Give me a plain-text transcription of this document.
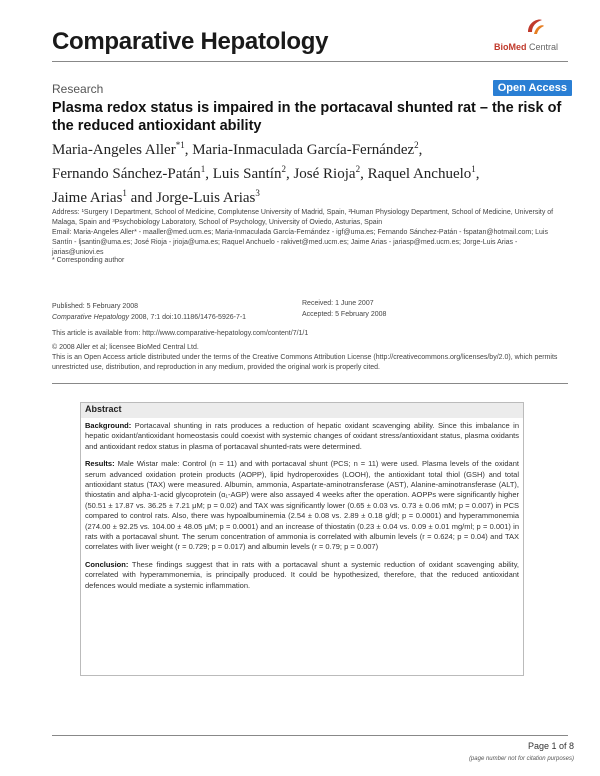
Comparative Hepatology	BioMed Central
Research	Open Access
Plasma redox status is impaired in the portacaval shunted rat – the risk of the reduced antioxidant ability
Maria-Angeles Aller$^{*1}$, Maria-Inmaculada García-Fernández$^2$,
Fernando Sánchez-Patán$^1$, Luis Santín$^2$, José Rioja$^2$, Raquel Anchuelo$^1$,
Jaime Arias$^1$ and Jorge-Luis Arias$^3$
Address: ¹Surgery I Department, School of Medicine, Complutense University of Madrid, Spain, ²Human Physiology Department, School of Medicine, University of Malaga, Spain and ³Psychobiology Laboratory, School of Psychology, University of Oviedo, Asturias, Spain
Email: Maria-Angeles Aller* - maaller@med.ucm.es; Maria-Inmaculada García-Fernández - igf@uma.es; Fernando Sánchez-Patán - fspatan@hotmail.com; Luis Santín - ljsantin@uma.es; José Rioja - jrioja@uma.es; Raquel Anchuelo - rakivet@med.ucm.es; Jaime Arias - jariasp@med.ucm.es; Jorge-Luis Arias - jarias@uniovi.es
* Corresponding author
Published: 5 February 2008
Comparative Hepatology 2008, 7:1 doi:10.1186/1476-5926-7-1
Received: 1 June 2007
Accepted: 5 February 2008
This article is available from: http://www.comparative-hepatology.com/content/7/1/1
© 2008 Aller et al; licensee BioMed Central Ltd.
This is an Open Access article distributed under the terms of the Creative Commons Attribution License (http://creativecommons.org/licenses/by/2.0), which permits unrestricted use, distribution, and reproduction in any medium, provided the original work is properly cited.
Abstract

Background: Portacaval shunting in rats produces a reduction of hepatic oxidant scavenging ability. Since this imbalance in hepatic oxidant/antioxidant homeostasis could coexist with systemic changes of oxidant stress/antioxidant status, plasma oxidants and antioxidant redox status in plasma of portacaval shunted-rats were determined.

Results: Male Wistar male: Control (n = 11) and with portacaval shunt (PCS; n = 11) were used. Plasma levels of the oxidant serum advanced oxidation protein products (AOPP), lipid hydroperoxides (LOOH), the antioxidant total thiol (GSH) and total antioxidant status (TAX) were measured. Albumin, ammonia, Aspartate-aminotransferase (AST), Alanine-aminotransferase (ALT), thiostatin and alpha-1-acid glycoprotein (α₁-AGP) were also assayed 4 weeks after the operation. AOPPs were significantly higher (50.51 ± 17.87 vs. 36.25 ± 7.21 μM; p = 0.02) and TAX was significantly lower (0.65 ± 0.03 vs. 0.73 ± 0.06 mM; p = 0.007) in PCS compared to control rats. Also, there was hypoalbuminemia (2.54 ± 0.08 vs. 2.89 ± 0.18 g/dl; p = 0.0001) and hyperammonemia (274.00 ± 92.25 vs. 104.00 ± 48.05 μM; p = 0.0001) and an increase of thiostatin (0.23 ± 0.04 vs. 0.09 ± 0.01 mg/ml; p = 0.001) in rats with a portacaval shunt. The serum concentration of ammonia is correlated with albumin levels (r = 0.624; p = 0.04) and TAX correlates with liver weight (r = 0.729; p = 0.017) and albumin levels (r = 0.79; p = 0.007)

Conclusion: These findings suggest that in rats with a portacaval shunt a systemic reduction of oxidant scavenging ability, correlated with hyperammonemia, is principally produced. It could be hypothesized, therefore, that the reduced antioxidant defences would mediate a systemic inflammation.

Page 1 of 8
(page number not for citation purposes)
